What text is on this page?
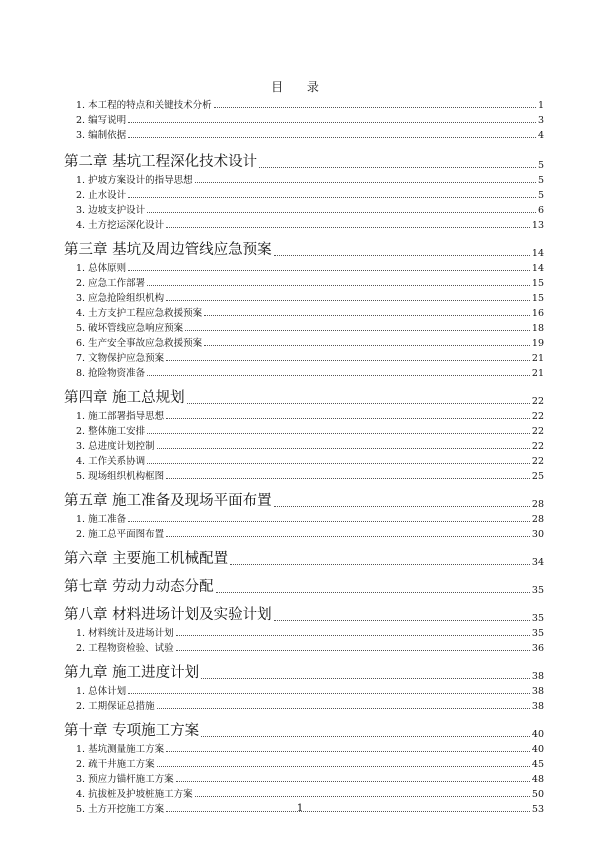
目 录
1. 本工程的特点和关键技术分析	1
2. 编写说明	3
3. 编制依据	4
第二章 基坑工程深化技术设计	5
1. 护坡方案设计的指导思想	5
2. 止水设计	5
3. 边坡支护设计	6
4. 土方挖运深化设计	13
第三章 基坑及周边管线应急预案	14
1. 总体原则	14
2. 应急工作部署	15
3. 应急抢险组织机构	15
4. 土方支护工程应急救援预案	16
5. 破坏管线应急响应预案	18
6. 生产安全事故应急救援预案	19
7. 文物保护应急预案	21
8. 抢险物资准备	21
第四章 施工总规划	22
1. 施工部署指导思想	22
2. 整体施工安排	22
3. 总进度计划控制	22
4. 工作关系协调	22
5. 现场组织机构框图	25
第五章 施工准备及现场平面布置	28
1. 施工准备	28
2. 施工总平面图布置	30
第六章 主要施工机械配置	34
第七章 劳动力动态分配	35
第八章 材料进场计划及实验计划	35
1. 材料统计及进场计划	35
2. 工程物资检验、试验	36
第九章 施工进度计划	38
1. 总体计划	38
2. 工期保证总措施	38
第十章 专项施工方案	40
1. 基坑测量施工方案	40
2. 疏干井施工方案	45
3. 预应力锚杆施工方案	48
4. 抗拔桩及护坡桩施工方案	50
5. 土方开挖施工方案	53
1
